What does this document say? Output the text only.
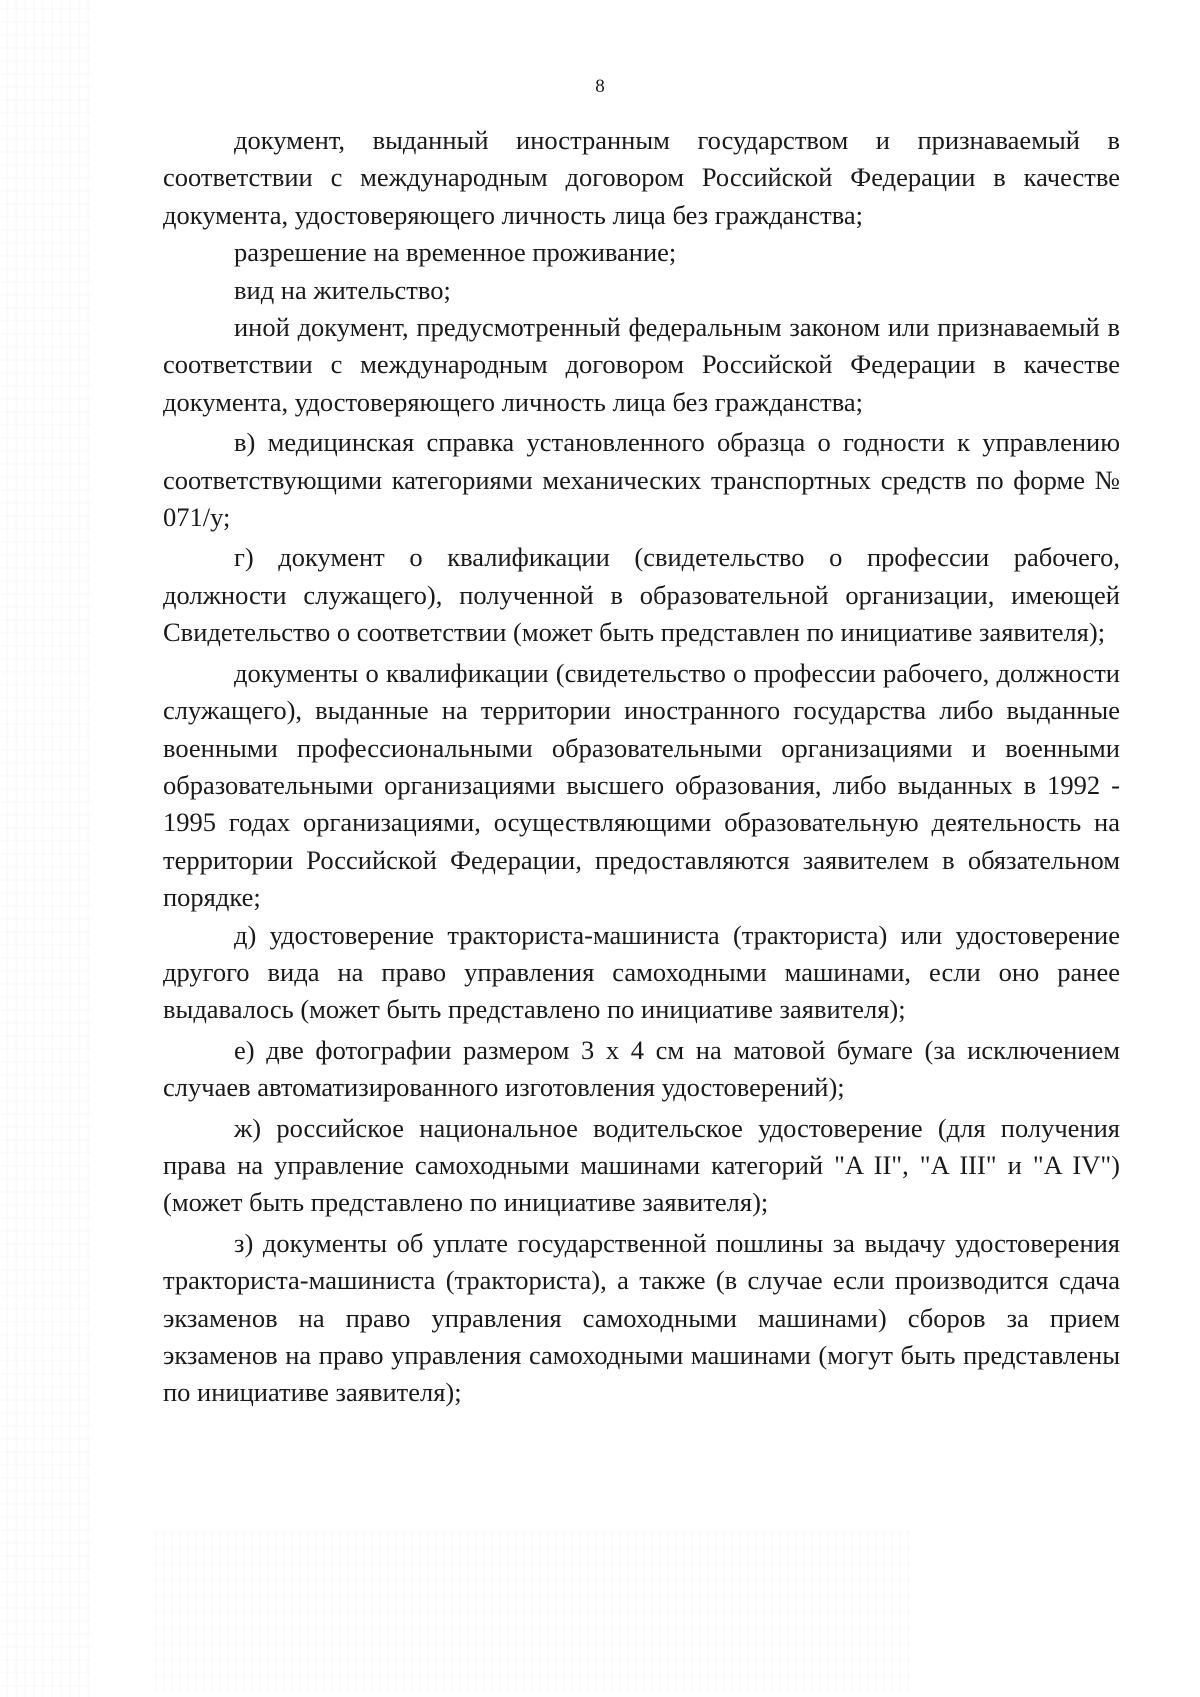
8

документ, выданный иностранным государством и признаваемый в соответствии с международным договором Российской Федерации в качестве документа, удостоверяющего личность лица без гражданства;

разрешение на временное проживание;

вид на жительство;

иной документ, предусмотренный федеральным законом или признаваемый в соответствии с международным договором Российской Федерации в качестве документа, удостоверяющего личность лица без гражданства;

в) медицинская справка установленного образца о годности к управлению соответствующими категориями механических транспортных средств по форме № 071/у;

г) документ о квалификации (свидетельство о профессии рабочего, должности служащего), полученной в образовательной организации, имеющей Свидетельство о соответствии (может быть представлен по инициативе заявителя);

документы о квалификации (свидетельство о профессии рабочего, должности служащего), выданные на территории иностранного государства либо выданные военными профессиональными образовательными организациями и военными образовательными организациями высшего образования, либо выданных в 1992 - 1995 годах организациями, осуществляющими образовательную деятельность на территории Российской Федерации, предоставляются заявителем в обязательном порядке;

д) удостоверение тракториста-машиниста (тракториста) или удостоверение другого вида на право управления самоходными машинами, если оно ранее выдавалось (может быть представлено по инициативе заявителя);

е) две фотографии размером 3 х 4 см на матовой бумаге (за исключением случаев автоматизированного изготовления удостоверений);

ж) российское национальное водительское удостоверение (для получения права на управление самоходными машинами категорий "A II", "A III" и "A IV") (может быть представлено по инициативе заявителя);

з) документы об уплате государственной пошлины за выдачу удостоверения тракториста-машиниста (тракториста), а также (в случае если производится сдача экзаменов на право управления самоходными машинами) сборов за прием экзаменов на право управления самоходными машинами (могут быть представлены по инициативе заявителя);
